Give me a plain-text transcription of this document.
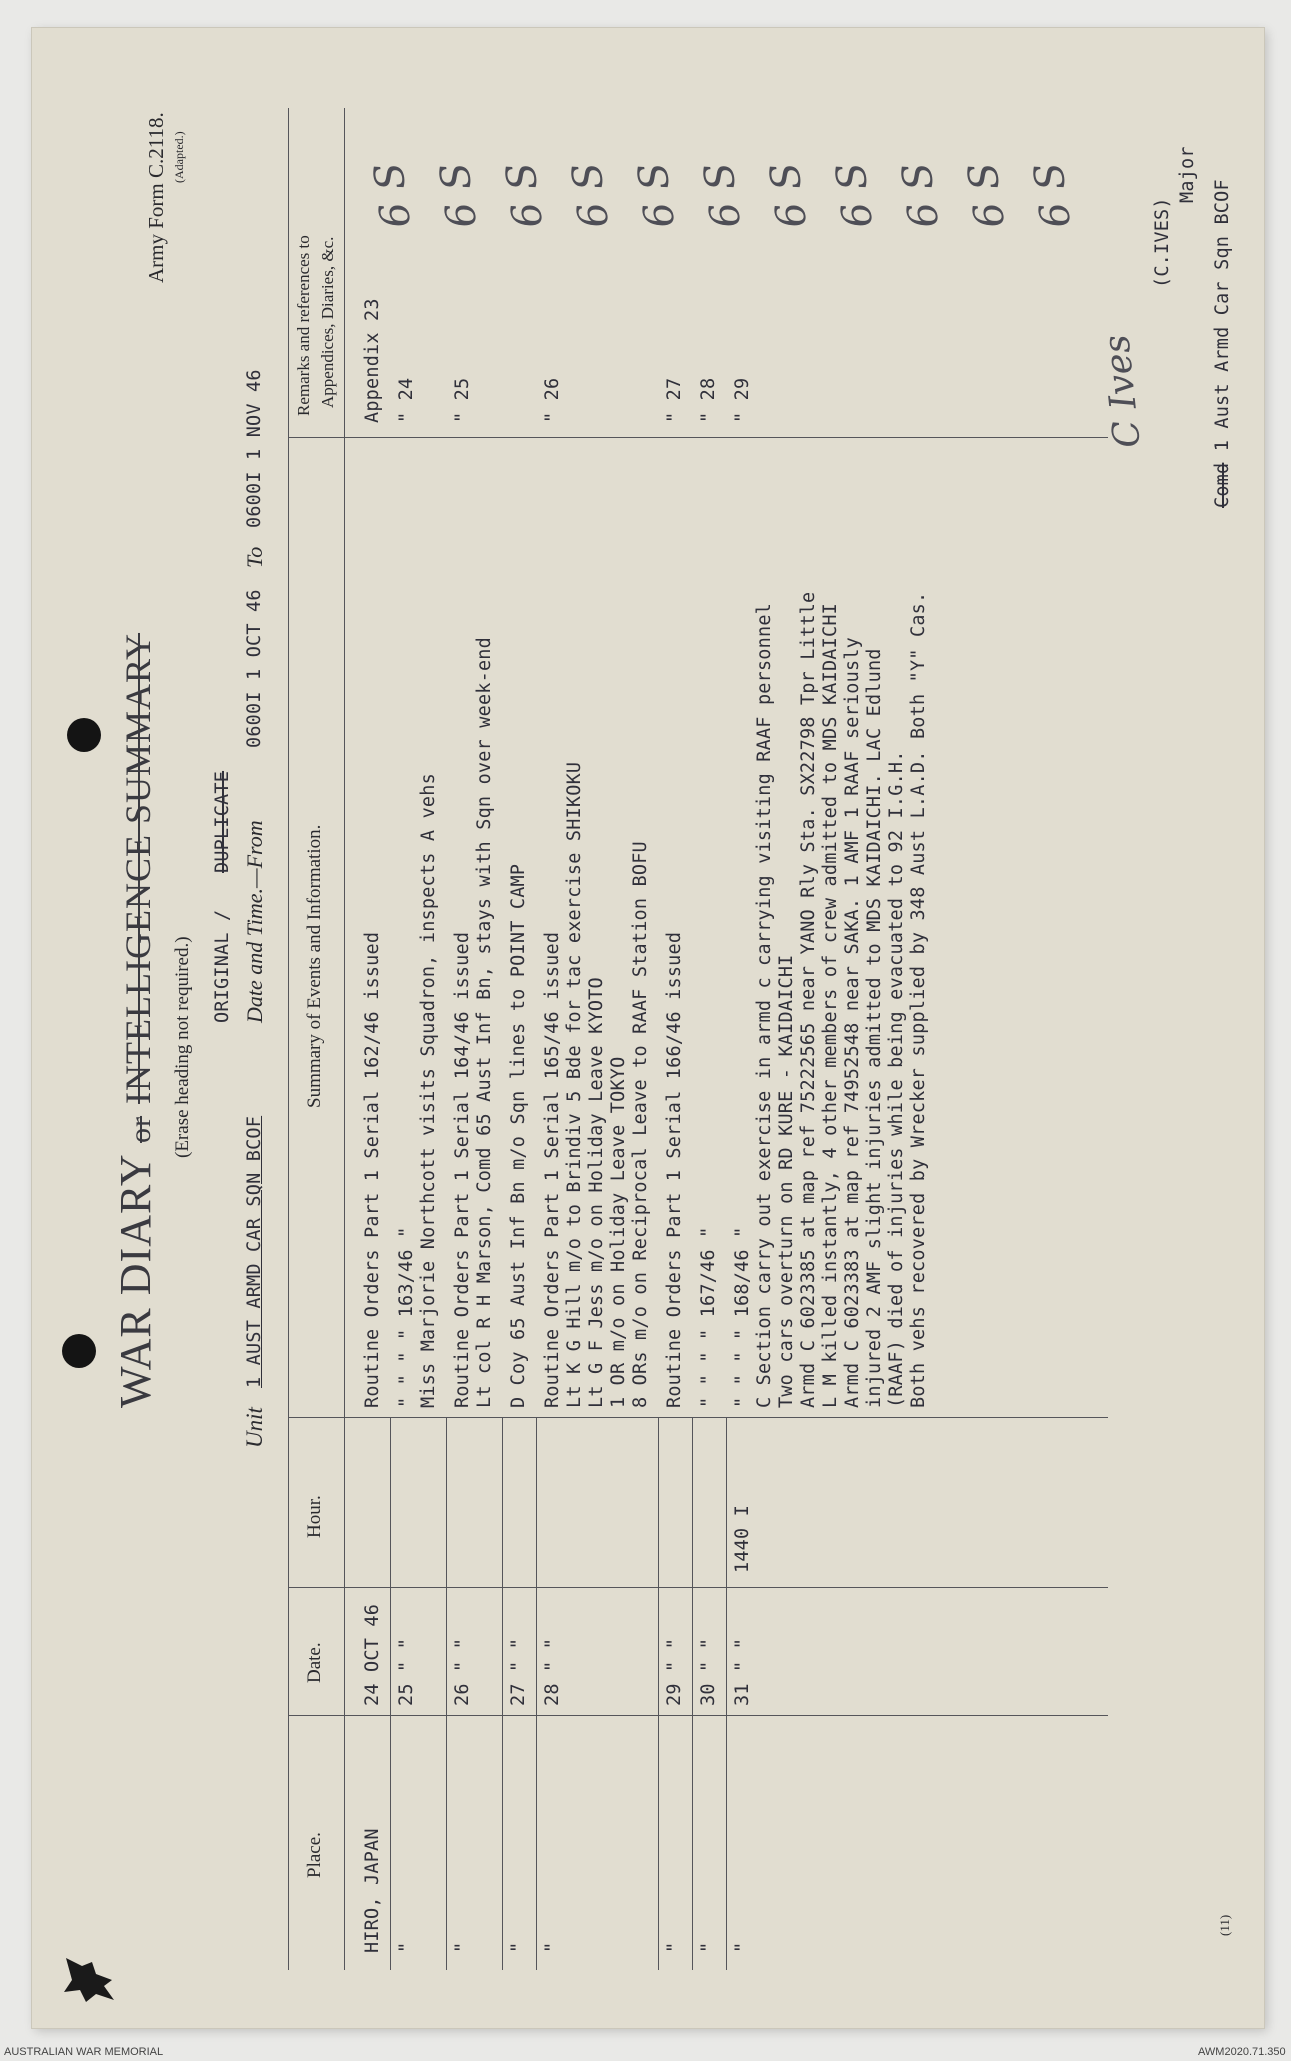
WAR DIARY or INTELLIGENCE SUMMARY (Erase heading not required.)
Army Form C.2118. (Adapted.)
Unit
1 AUST ARMD CAR SQN BCOF
ORIGINAL /
DUPLICATE Date and Time.—From
0600I 1 OCT 46
To
0600I 1 NOV 46
Place.
Date.
Hour.
Summary of Events and Information.
Remarks and references to Appendices, Diaries, &c.
HIRO, JAPAN
24 OCT 46
Routine Orders Part 1 Serial 162/46 issued
Appendix 23
"
25 " "
" " " " 163/46 " Miss Marjorie Northcott visits Squadron, inspects A vehs
" 24
"
26 " "
Routine Orders Part 1 Serial 164/46 issued Lt col R H Marson, Comd 65 Aust Inf Bn, stays with Sqn over week-end
" 25
"
27 " "
D Coy 65 Aust Inf Bn m/o Sqn lines to POINT CAMP
"
28 " "
Routine Orders Part 1 Serial 165/46 issued Lt K G Hill m/o to Brindiv 5 Bde for tac exercise SHIKOKU Lt G F Jess m/o on Holiday Leave KYOTO 1 OR m/o on Holiday Leave TOKYO 8 ORs m/o on Reciprocal Leave to RAAF Station BOFU
" 26
"
29 " "
Routine Orders Part 1 Serial 166/46 issued
" 27
"
30 " "
" " " " 167/46 "
" 28
"
31 " "
1440 I
" " " " 168/46 " C Section carry out exercise in armd c carrying visiting RAAF personnel Two cars overturn on RD KURE - KAIDAICHI Armd C 6023385 at map ref 75222565 near YANO Rly Sta. SX22798 Tpr Little L M killed instantly, 4 other members of crew admitted to MDS KAIDAICHI Armd C 6023383 at map ref 74952548 near SAKA. 1 AMF 1 RAAF seriously injured 2 AMF slight injuries admitted to MDS KAIDAICHI. LAC Edlund (RAAF) died of injuries while being evacuated to 92 I.G.H. Both vehs recovered by Wrecker supplied by 348 Aust L.A.D. Both "Y" Cas.
" 29
6 S 6 S 6 S 6 S 6 S 6 S 6 S 6 S 6 S 6 S 6 S
C Ives
(C.IVES)
Major
Comd 1 Aust Armd Car Sqn BCOF
(11)
AUSTRALIAN WAR MEMORIAL	AWM2020.71.350
